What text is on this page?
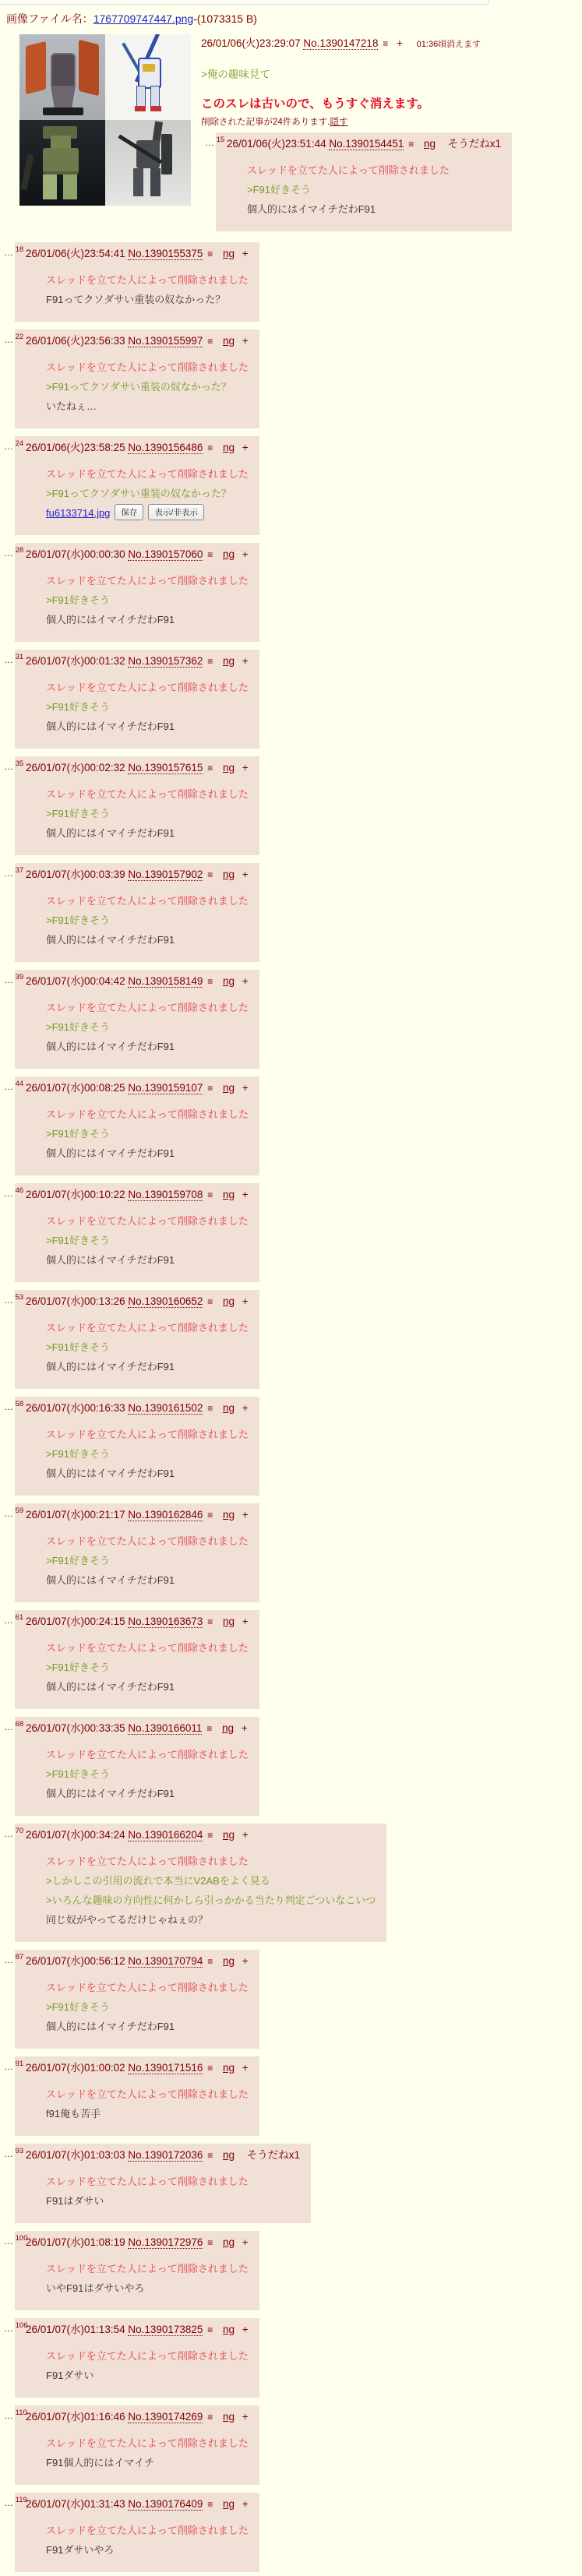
画像ファイル名：1767709747447.png-(1073315 B)
26/01/06(火)23:29:07 No.1390147218 ≡ + 01:36頃消えます
>俺の趣味見て
このスレは古いので、もうすぐ消えます。
削除された記事が24件あります.隠す
… $^{15}$ 26/01/06(火)23:51:44 No.1390154451 ≡ ng そうだねx1
スレッドを立てた人によって削除されました
>F91好きそう
個人的にはイマイチだわF91
… $^{18}$ 26/01/06(火)23:54:41 No.1390155375 ≡ ng +
スレッドを立てた人によって削除されました
F91ってクソダサい重装の奴なかった？
… $^{22}$ 26/01/06(火)23:56:33 No.1390155997 ≡ ng +
スレッドを立てた人によって削除されました
>F91ってクソダサい重装の奴なかった？
いたねぇ…
… $^{24}$ 26/01/06(火)23:58:25 No.1390156486 ≡ ng +
スレッドを立てた人によって削除されました
>F91ってクソダサい重装の奴なかった？
fu6133714.jpg 保存 表示/非表示
… $^{28}$ 26/01/07(水)00:00:30 No.1390157060 ≡ ng +
スレッドを立てた人によって削除されました
>F91好きそう
個人的にはイマイチだわF91
… $^{31}$ 26/01/07(水)00:01:32 No.1390157362 ≡ ng +
スレッドを立てた人によって削除されました
>F91好きそう
個人的にはイマイチだわF91
… $^{35}$ 26/01/07(水)00:02:32 No.1390157615 ≡ ng +
スレッドを立てた人によって削除されました
>F91好きそう
個人的にはイマイチだわF91
… $^{37}$ 26/01/07(水)00:03:39 No.1390157902 ≡ ng +
スレッドを立てた人によって削除されました
>F91好きそう
個人的にはイマイチだわF91
… $^{39}$ 26/01/07(水)00:04:42 No.1390158149 ≡ ng +
スレッドを立てた人によって削除されました
>F91好きそう
個人的にはイマイチだわF91
… $^{44}$ 26/01/07(水)00:08:25 No.1390159107 ≡ ng +
スレッドを立てた人によって削除されました
>F91好きそう
個人的にはイマイチだわF91
… $^{46}$ 26/01/07(水)00:10:22 No.1390159708 ≡ ng +
スレッドを立てた人によって削除されました
>F91好きそう
個人的にはイマイチだわF91
… $^{53}$ 26/01/07(水)00:13:26 No.1390160652 ≡ ng +
スレッドを立てた人によって削除されました
>F91好きそう
個人的にはイマイチだわF91
… $^{58}$ 26/01/07(水)00:16:33 No.1390161502 ≡ ng +
スレッドを立てた人によって削除されました
>F91好きそう
個人的にはイマイチだわF91
… $^{59}$ 26/01/07(水)00:21:17 No.1390162846 ≡ ng +
スレッドを立てた人によって削除されました
>F91好きそう
個人的にはイマイチだわF91
… $^{61}$ 26/01/07(水)00:24:15 No.1390163673 ≡ ng +
スレッドを立てた人によって削除されました
>F91好きそう
個人的にはイマイチだわF91
… $^{68}$ 26/01/07(水)00:33:35 No.1390166011 ≡ ng +
スレッドを立てた人によって削除されました
>F91好きそう
個人的にはイマイチだわF91
… $^{70}$ 26/01/07(水)00:34:24 No.1390166204 ≡ ng +
スレッドを立てた人によって削除されました
>しかしこの引用の流れで本当にV2ABをよく見る
>いろんな趣味の方向性に何かしら引っかかる当たり判定ごついなこいつ
同じ奴がやってるだけじゃねぇの？
… $^{87}$ 26/01/07(水)00:56:12 No.1390170794 ≡ ng +
スレッドを立てた人によって削除されました
>F91好きそう
個人的にはイマイチだわF91
… $^{91}$ 26/01/07(水)01:00:02 No.1390171516 ≡ ng +
スレッドを立てた人によって削除されました
f91俺も苦手
… $^{93}$ 26/01/07(水)01:03:03 No.1390172036 ≡ ng そうだねx1
スレッドを立てた人によって削除されました
F91はダサい
… $^{100}$
26/01/07(水)01:08:19 No.1390172976 ≡ ng +
スレッドを立てた人によって削除されました
いやF91はダサいやろ
… $^{106}$
26/01/07(水)01:13:54 No.1390173825 ≡ ng +
スレッドを立てた人によって削除されました
F91ダサい
… $^{110}$
26/01/07(水)01:16:46 No.1390174269 ≡ ng +
スレッドを立てた人によって削除されました
F91個人的にはイマイチ
… $^{119}$
26/01/07(水)01:31:43 No.1390176409 ≡ ng +
スレッドを立てた人によって削除されました
F91ダサいやろ
